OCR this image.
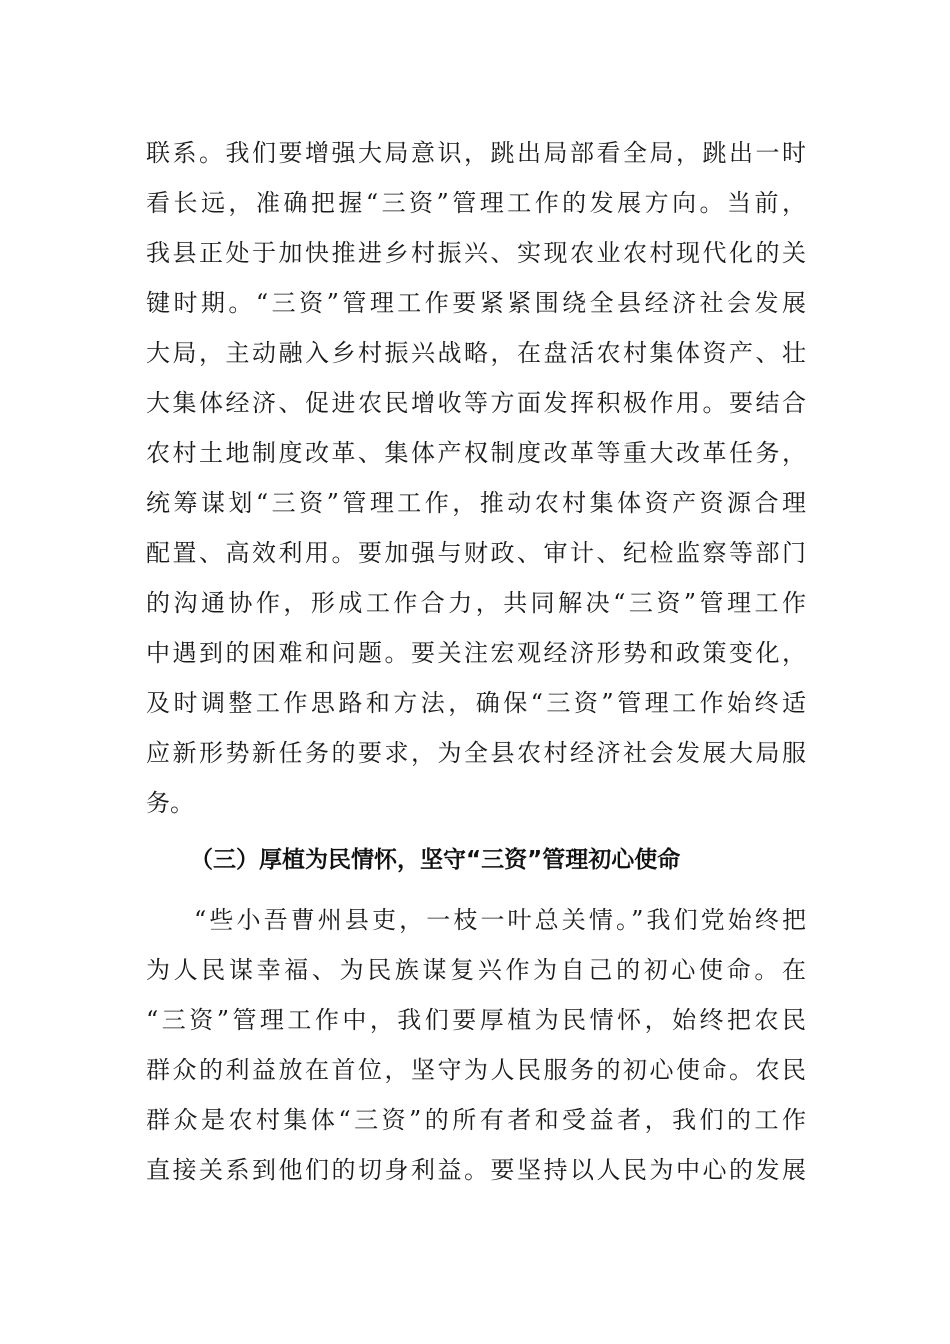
联系。我们要增强大局意识，跳出局部看全局，跳出一时
看长远，准确把握“三资”管理工作的发展方向。当前，
我县正处于加快推进乡村振兴、实现农业农村现代化的关
键时期。“三资”管理工作要紧紧围绕全县经济社会发展
大局，主动融入乡村振兴战略，在盘活农村集体资产、壮
大集体经济、促进农民增收等方面发挥积极作用。要结合
农村土地制度改革、集体产权制度改革等重大改革任务，
统筹谋划“三资”管理工作，推动农村集体资产资源合理
配置、高效利用。要加强与财政、审计、纪检监察等部门
的沟通协作，形成工作合力，共同解决“三资”管理工作
中遇到的困难和问题。要关注宏观经济形势和政策变化，
及时调整工作思路和方法，确保“三资”管理工作始终适
应新形势新任务的要求，为全县农村经济社会发展大局服
务。
（三）厚植为民情怀，坚守“三资”管理初心使命
“些小吾曹州县吏，一枝一叶总关情。”我们党始终把
为人民谋幸福、为民族谋复兴作为自己的初心使命。在
“三资”管理工作中，我们要厚植为民情怀，始终把农民
群众的利益放在首位，坚守为人民服务的初心使命。农民
群众是农村集体“三资”的所有者和受益者，我们的工作
直接关系到他们的切身利益。要坚持以人民为中心的发展
